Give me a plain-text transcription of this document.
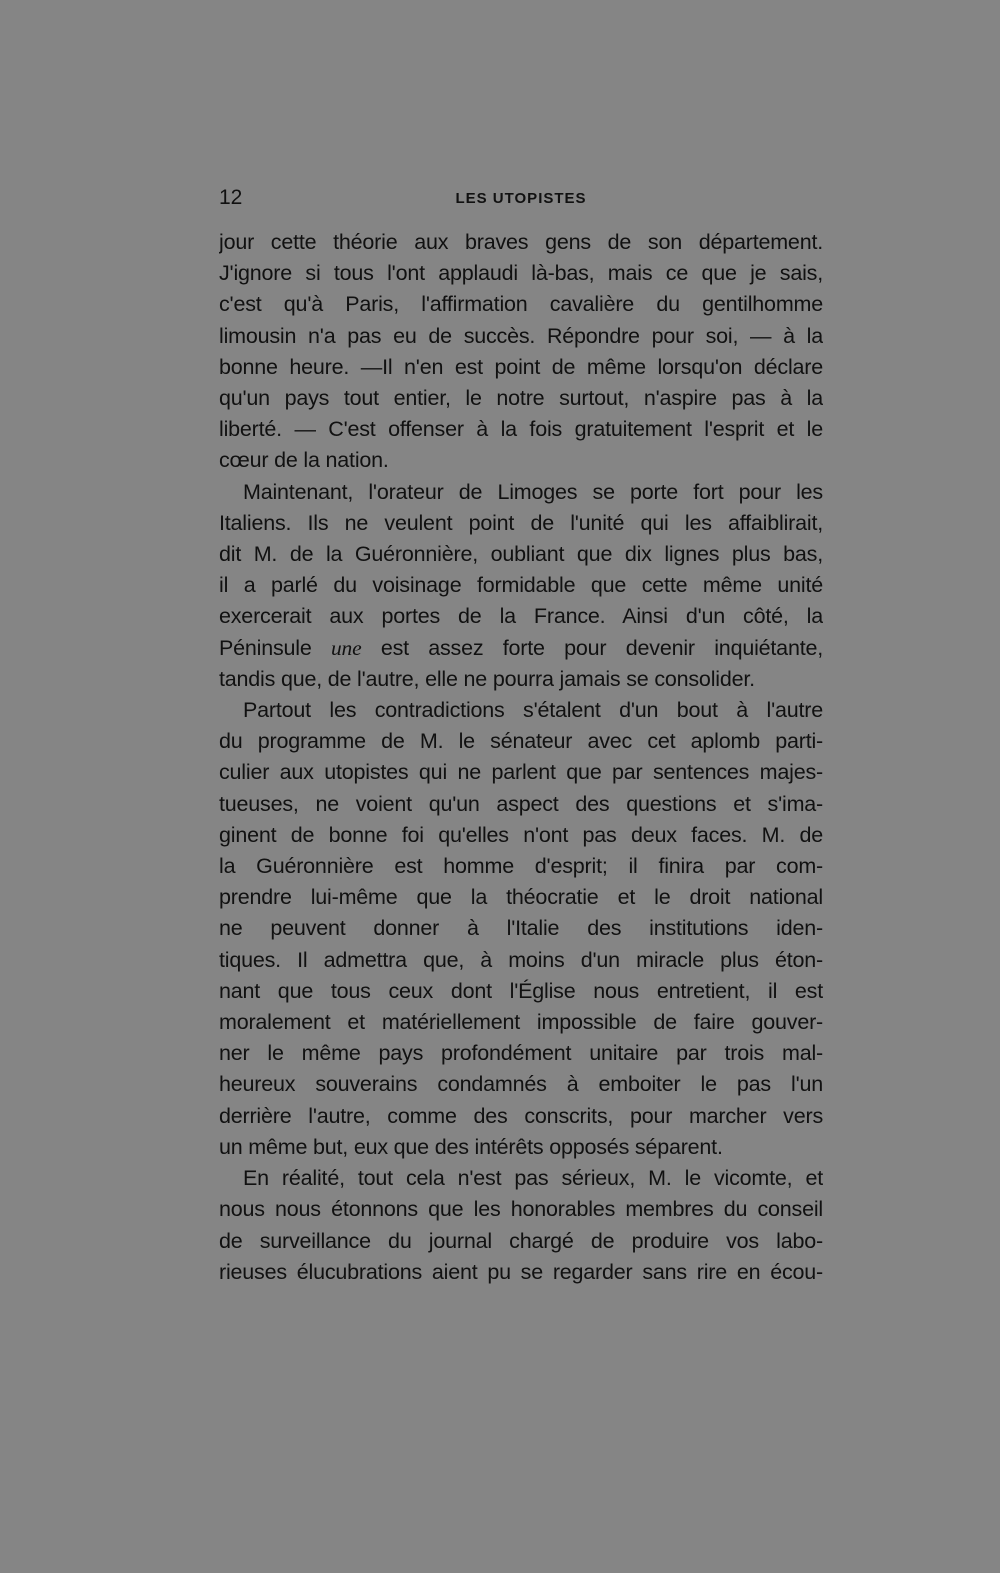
12	LES UTOPISTES
jour cette théorie aux braves gens de son département.
J'ignore si tous l'ont applaudi là-bas, mais ce que je sais,
c'est qu'à Paris, l'affirmation cavalière du gentilhomme
limousin n'a pas eu de succès. Répondre pour soi, — à la
bonne heure. —Il n'en est point de même lorsqu'on déclare
qu'un pays tout entier, le notre surtout, n'aspire pas à la
liberté. — C'est offenser à la fois gratuitement l'esprit et le
cœur de la nation.
Maintenant, l'orateur de Limoges se porte fort pour les
Italiens. Ils ne veulent point de l'unité qui les affaiblirait,
dit M. de la Guéronnière, oubliant que dix lignes plus bas,
il a parlé du voisinage formidable que cette même unité
exercerait aux portes de la France. Ainsi d'un côté, la
Péninsule une est assez forte pour devenir inquiétante,
tandis que, de l'autre, elle ne pourra jamais se consolider.
Partout les contradictions s'étalent d'un bout à l'autre
du programme de M. le sénateur avec cet aplomb parti-
culier aux utopistes qui ne parlent que par sentences majes-
tueuses, ne voient qu'un aspect des questions et s'ima-
ginent de bonne foi qu'elles n'ont pas deux faces. M. de
la Guéronnière est homme d'esprit; il finira par com-
prendre lui-même que la théocratie et le droit national
ne peuvent donner à l'Italie des institutions iden-
tiques. Il admettra que, à moins d'un miracle plus éton-
nant que tous ceux dont l'Église nous entretient, il est
moralement et matériellement impossible de faire gouver-
ner le même pays profondément unitaire par trois mal-
heureux souverains condamnés à emboiter le pas l'un
derrière l'autre, comme des conscrits, pour marcher vers
un même but, eux que des intérêts opposés séparent.
En réalité, tout cela n'est pas sérieux, M. le vicomte, et
nous nous étonnons que les honorables membres du conseil
de surveillance du journal chargé de produire vos labo-
rieuses élucubrations aient pu se regarder sans rire en écou-
